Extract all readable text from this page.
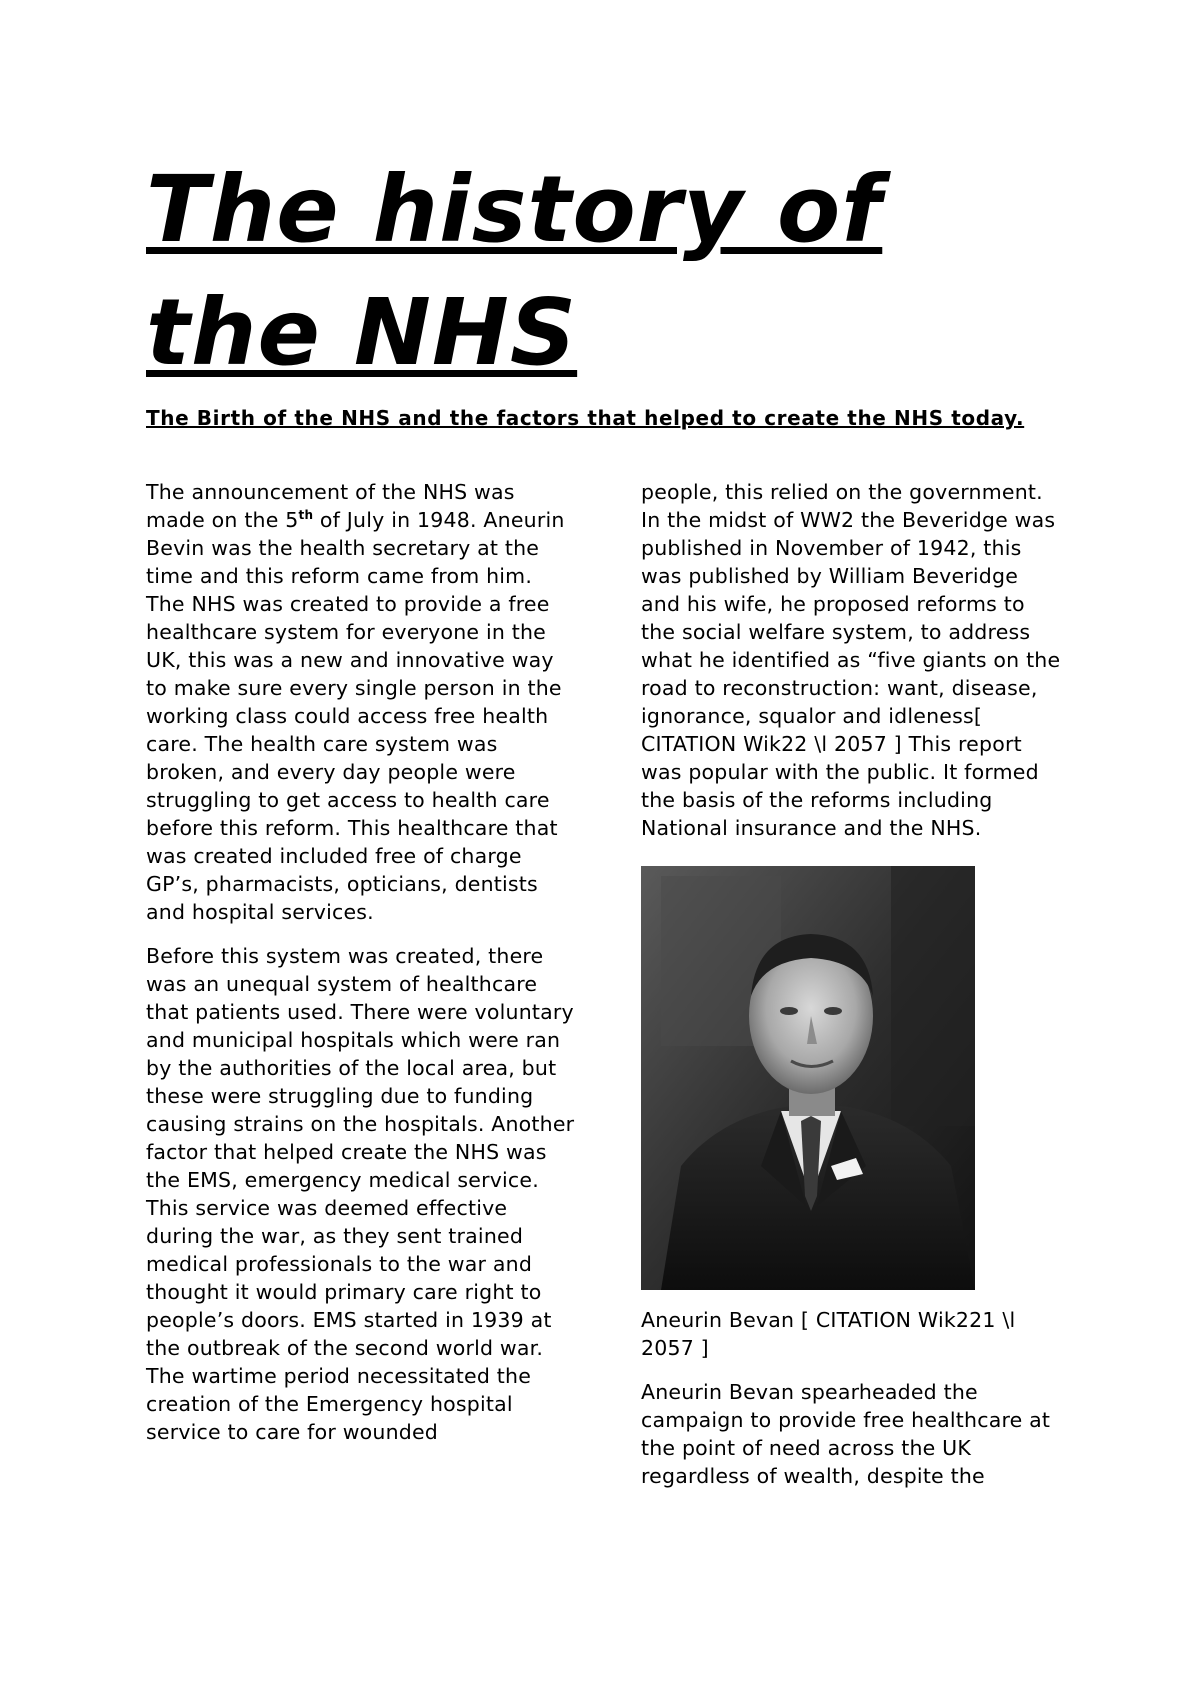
The history of
the NHS
The Birth of the NHS and the factors that helped to create the NHS today.

The announcement of the NHS was made on the 5th of July in 1948. Aneurin Bevin was the health secretary at the time and this reform came from him. The NHS was created to provide a free healthcare system for everyone in the UK, this was a new and innovative way to make sure every single person in the working class could access free health care. The health care system was broken, and every day people were struggling to get access to health care before this reform. This healthcare that was created included free of charge GP’s, pharmacists, opticians, dentists and hospital services.

Before this system was created, there was an unequal system of healthcare that patients used. There were voluntary and municipal hospitals which were ran by the authorities of the local area, but these were struggling due to funding causing strains on the hospitals. Another factor that helped create the NHS was the EMS, emergency medical service. This service was deemed effective during the war, as they sent trained medical professionals to the war and thought it would primary care right to people’s doors. EMS started in 1939 at the outbreak of the second world war. The wartime period necessitated the creation of the Emergency hospital service to care for wounded

people, this relied on the government. In the midst of WW2 the Beveridge was published in November of 1942, this was published by William Beveridge and his wife, he proposed reforms to the social welfare system, to address what he identified as “five giants on the road to reconstruction: want, disease, ignorance, squalor and idleness[ CITATION Wik22 \l 2057 ] This report was popular with the public. It formed the basis of the reforms including National insurance and the NHS.

Aneurin Bevan [ CITATION Wik221 \l 2057 ]

Aneurin Bevan spearheaded the campaign to provide free healthcare at the point of need across the UK regardless of wealth, despite the
